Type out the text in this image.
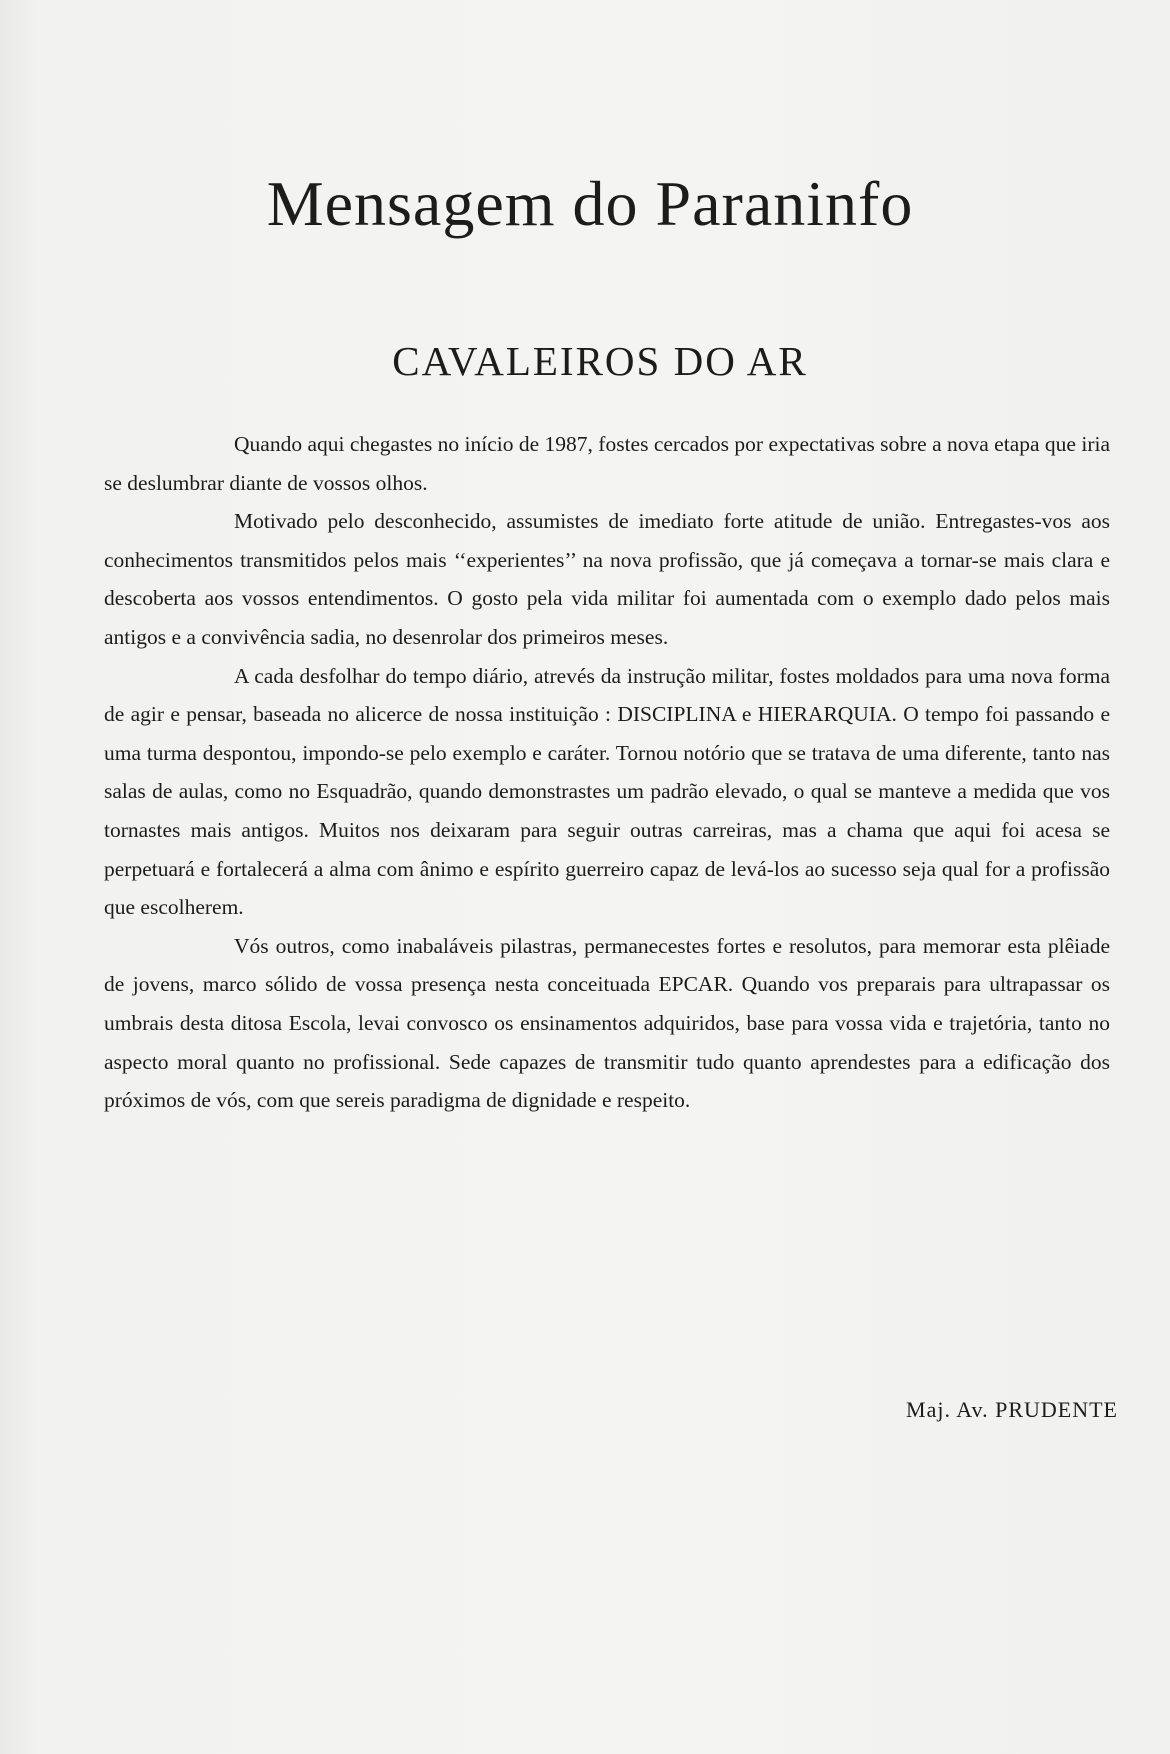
Mensagem do Paraninfo
CAVALEIROS DO AR

Quando aqui chegastes no início de 1987, fostes cercados por expectativas sobre a nova etapa que iria se deslumbrar diante de vossos olhos.

Motivado pelo desconhecido, assumistes de imediato forte atitude de união. Entregastes-vos aos conhecimentos transmitidos pelos mais ‘‘experientes’’ na nova profissão, que já começava a tornar-se mais clara e descoberta aos vossos entendimentos. O gosto pela vida militar foi aumentada com o exemplo dado pelos mais antigos e a convivência sadia, no desenrolar dos primeiros meses.

A cada desfolhar do tempo diário, atrevés da instrução militar, fostes moldados para uma nova forma de agir e pensar, baseada no alicerce de nossa instituição : DISCIPLINA e HIERARQUIA. O tempo foi passando e uma turma despontou, impondo-se pelo exemplo e caráter. Tornou notório que se tratava de uma diferente, tanto nas salas de aulas, como no Esquadrão, quando demonstrastes um padrão elevado, o qual se manteve a medida que vos tornastes mais antigos. Muitos nos deixaram para seguir outras carreiras, mas a chama que aqui foi acesa se perpetuará e fortalecerá a alma com ânimo e espírito guerreiro capaz de levá-los ao sucesso seja qual for a profissão que escolherem.

Vós outros, como inabaláveis pilastras, permanecestes fortes e resolutos, para memorar esta plêiade de jovens, marco sólido de vossa presença nesta conceituada EPCAR. Quando vos preparais para ultrapassar os umbrais desta ditosa Escola, levai convosco os ensinamentos adquiridos, base para vossa vida e trajetória, tanto no aspecto moral quanto no profissional. Sede capazes de transmitir tudo quanto aprendestes para a edificação dos próximos de vós, com que sereis paradigma de dignidade e respeito.

Maj. Av. PRUDENTE
